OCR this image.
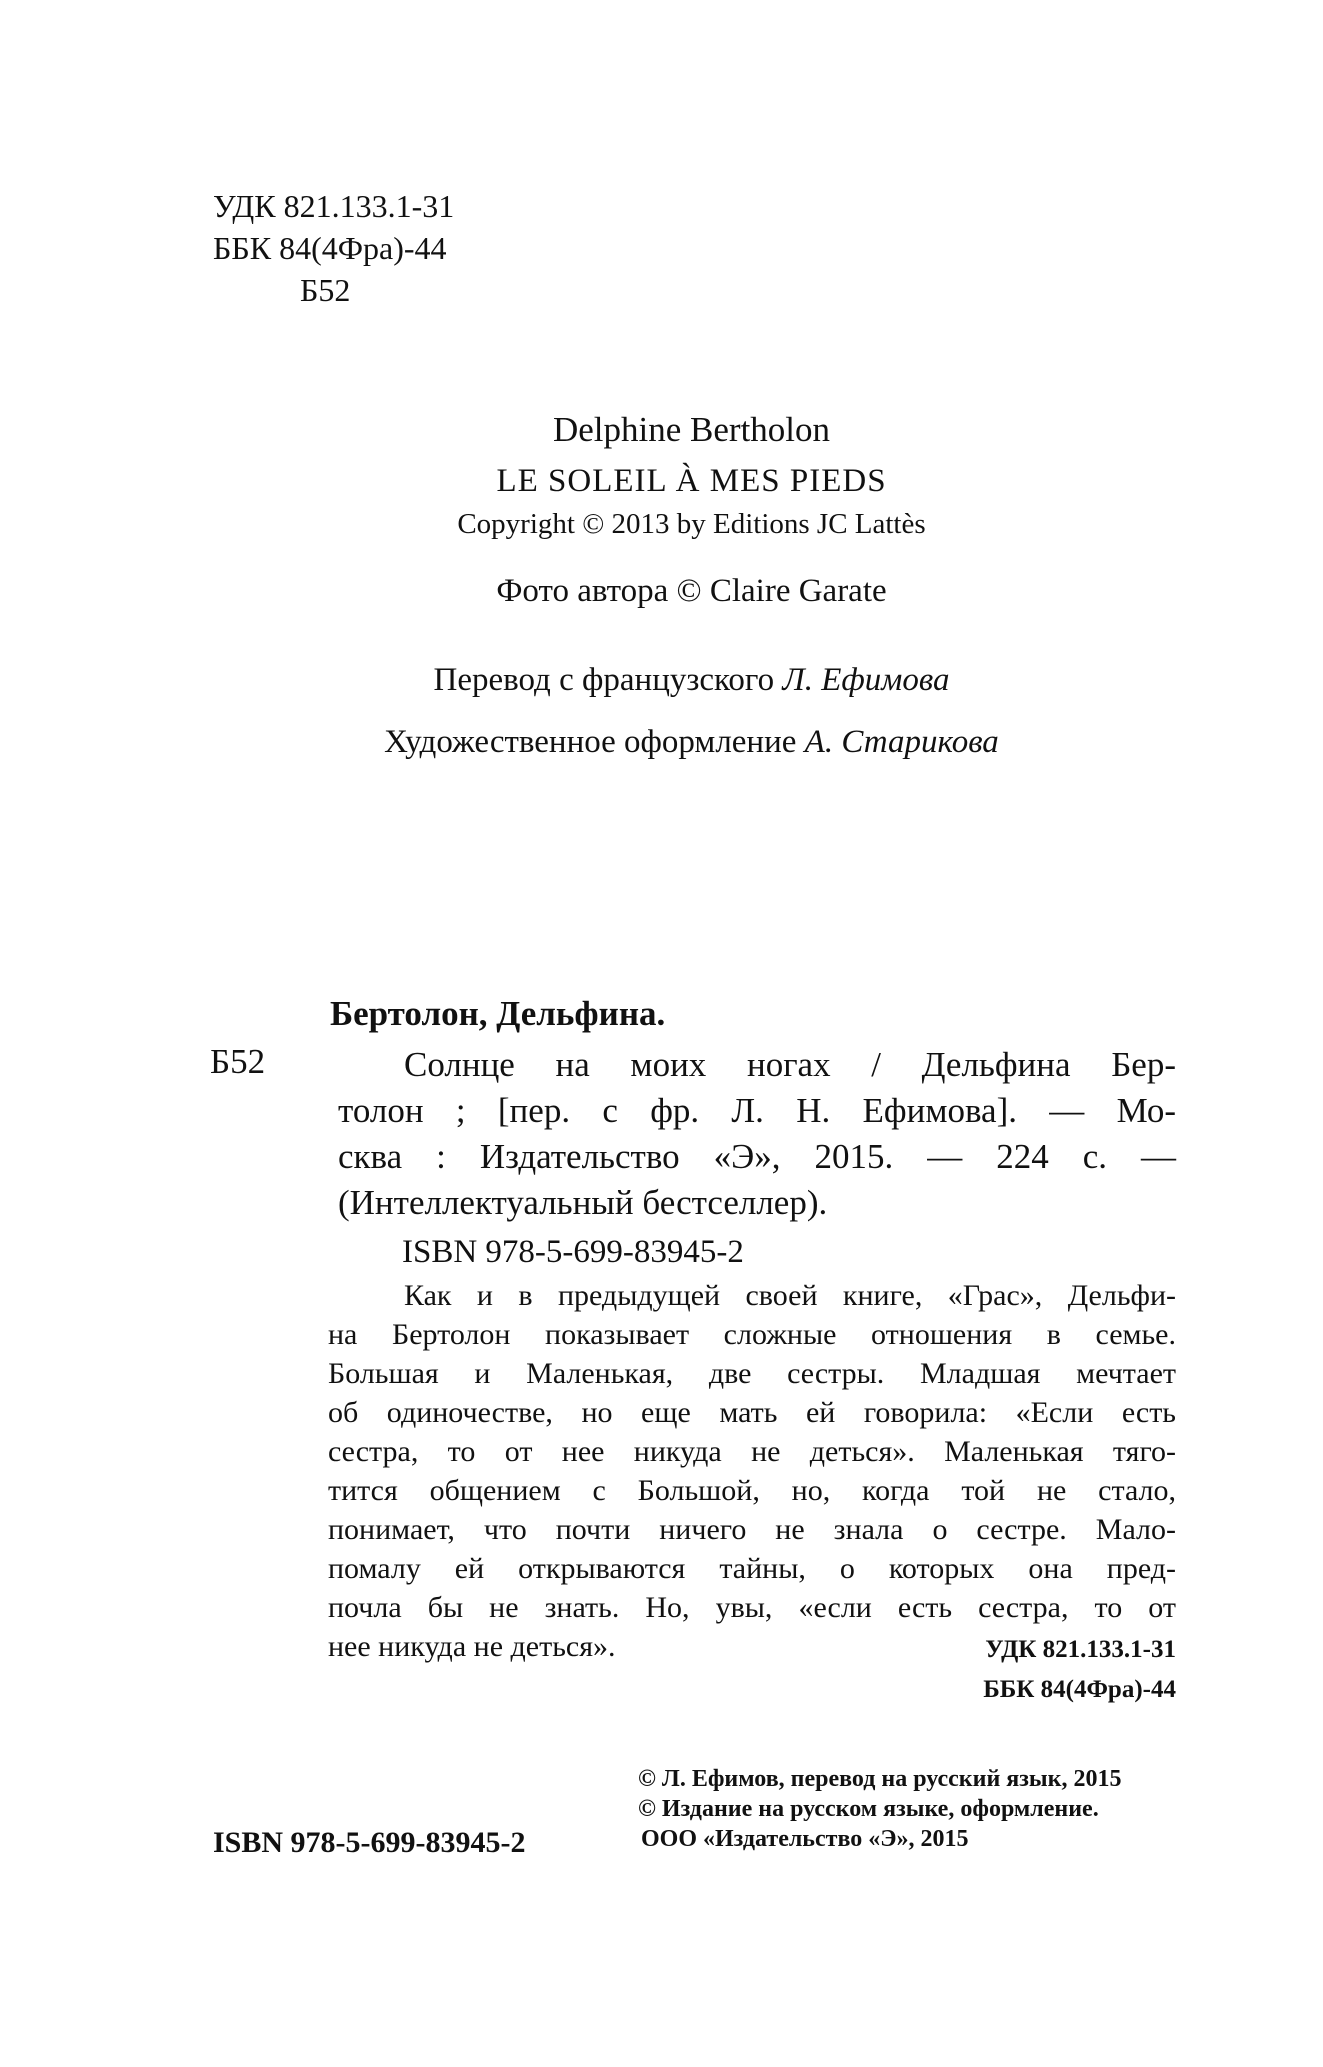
УДК 821.133.1-31
ББК 84(4Фра)-44
Б52
Delphine Bertholon
LE SOLEIL À MES PIEDS
Copyright © 2013 by Editions JC Lattès
Фото автора © Claire Garate
Перевод с французского Л. Ефимова
Художественное оформление А. Старикова
Бертолон, Дельфина.
Б52	Солнце на моих ногах / Дельфина Бер-
толон ; [пер. с фр. Л. Н. Ефимова]. — Мо-
сква : Издательство «Э», 2015. — 224 с. —
(Интеллектуальный бестселлер).
ISBN 978-5-699-83945-2
Как и в предыдущей своей книге, «Грас», Дельфи-
на Бертолон показывает сложные отношения в семье.
Большая и Маленькая, две сестры. Младшая мечтает
об одиночестве, но еще мать ей говорила: «Если есть
сестра, то от нее никуда не деться». Маленькая тяго-
тится общением с Большой, но, когда той не стало,
понимает, что почти ничего не знала о сестре. Мало-
помалу ей открываются тайны, о которых она пред-
почла бы не знать. Но, увы, «если есть сестра, то от
нее никуда не деться».	УДК 821.133.1-31
ББК 84(4Фра)-44
© Л. Ефимов, перевод на русский язык, 2015
© Издание на русском языке, оформление.
ООО «Издательство «Э», 2015
ISBN 978-5-699-83945-2
